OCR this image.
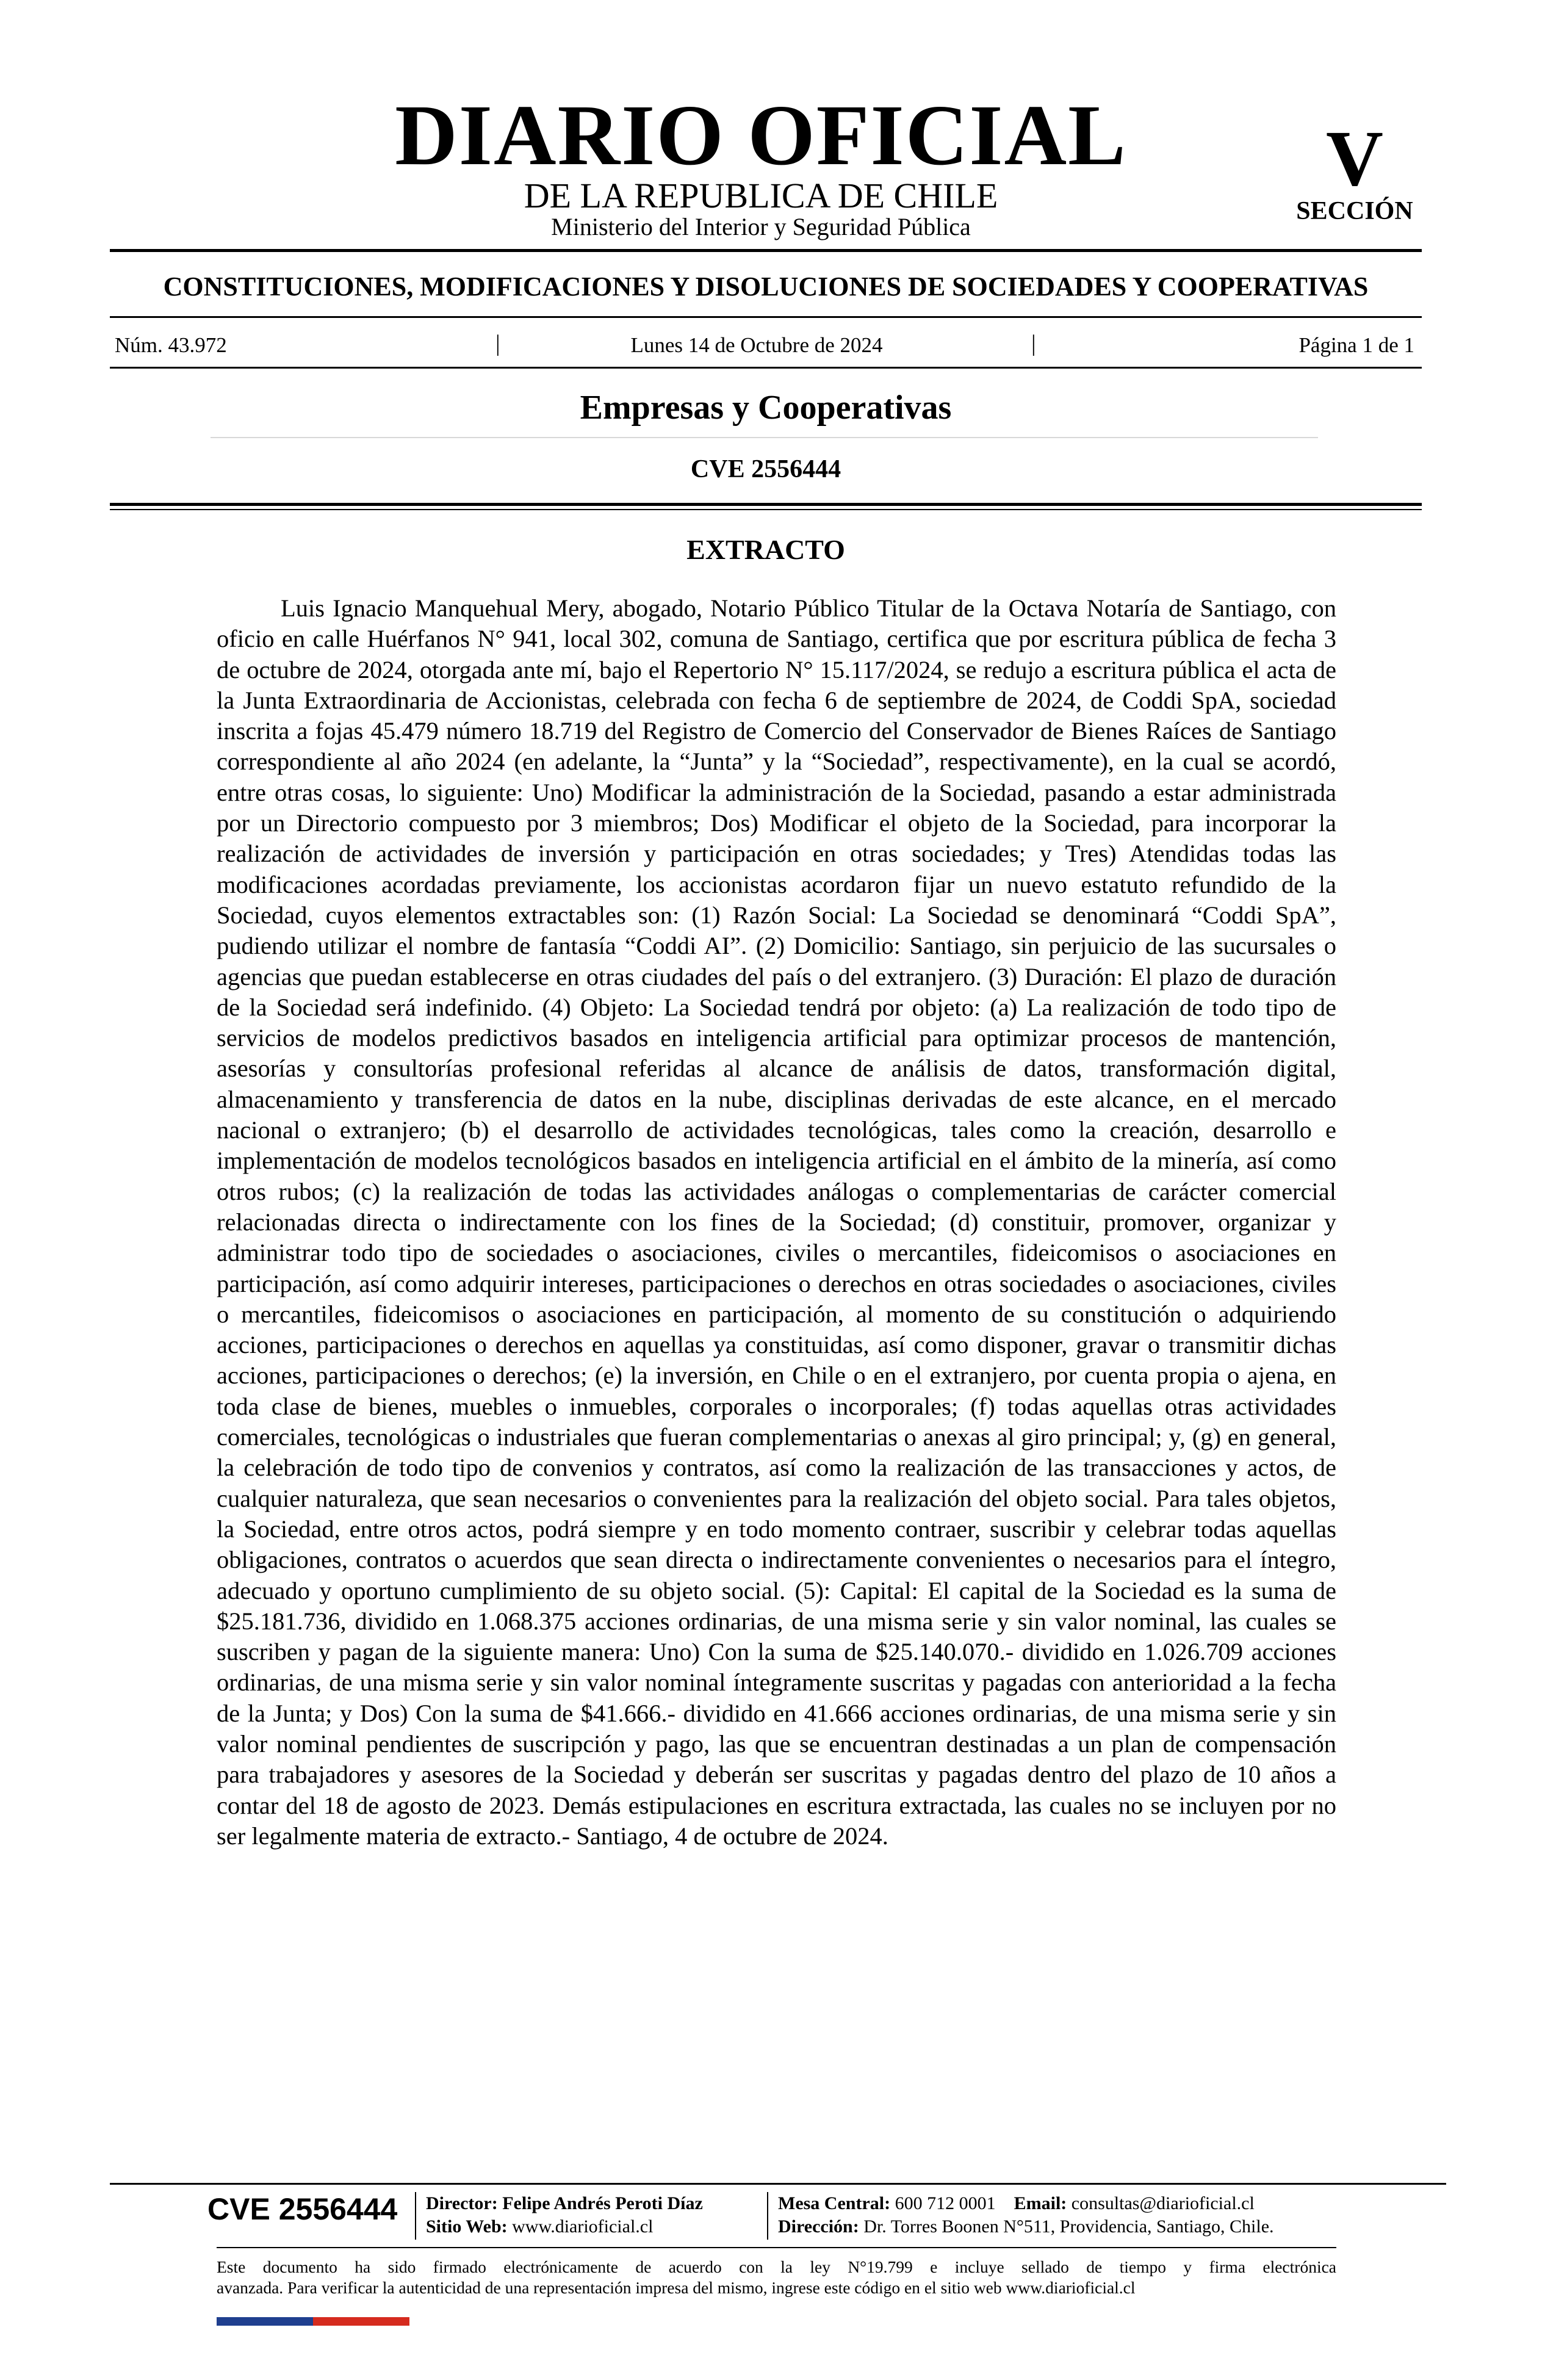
DIARIO OFICIAL
DE LA REPUBLICA DE CHILE
Ministerio del Interior y Seguridad Pública
V
SECCIÓN
CONSTITUCIONES, MODIFICACIONES Y DISOLUCIONES DE SOCIEDADES Y COOPERATIVAS
Núm. 43.972	|	Lunes 14 de Octubre de 2024	|	Página 1 de 1
Empresas y Cooperativas
CVE 2556444
EXTRACTO

Luis Ignacio Manquehual Mery, abogado, Notario Público Titular de la Octava Notaría de Santiago, con oficio en calle Huérfanos N° 941, local 302, comuna de Santiago, certifica que por escritura pública de fecha 3 de octubre de 2024, otorgada ante mí, bajo el Repertorio N° 15.117/2024, se redujo a escritura pública el acta de la Junta Extraordinaria de Accionistas, celebrada con fecha 6 de septiembre de 2024, de Coddi SpA, sociedad inscrita a fojas 45.479 número 18.719 del Registro de Comercio del Conservador de Bienes Raíces de Santiago correspondiente al año 2024 (en adelante, la “Junta” y la “Sociedad”, respectivamente), en la cual se acordó, entre otras cosas, lo siguiente: Uno) Modificar la administración de la Sociedad, pasando a estar administrada por un Directorio compuesto por 3 miembros; Dos) Modificar el objeto de la Sociedad, para incorporar la realización de actividades de inversión y participación en otras sociedades; y Tres) Atendidas todas las modificaciones acordadas previamente, los accionistas acordaron fijar un nuevo estatuto refundido de la Sociedad, cuyos elementos extractables son: (1) Razón Social: La Sociedad se denominará “Coddi SpA”, pudiendo utilizar el nombre de fantasía “Coddi AI”. (2) Domicilio: Santiago, sin perjuicio de las sucursales o agencias que puedan establecerse en otras ciudades del país o del extranjero. (3) Duración: El plazo de duración de la Sociedad será indefinido. (4) Objeto: La Sociedad tendrá por objeto: (a) La realización de todo tipo de servicios de modelos predictivos basados en inteligencia artificial para optimizar procesos de mantención, asesorías y consultorías profesional referidas al alcance de análisis de datos, transformación digital, almacenamiento y transferencia de datos en la nube, disciplinas derivadas de este alcance, en el mercado nacional o extranjero; (b) el desarrollo de actividades tecnológicas, tales como la creación, desarrollo e implementación de modelos tecnológicos basados en inteligencia artificial en el ámbito de la minería, así como otros rubos; (c) la realización de todas las actividades análogas o complementarias de carácter comercial relacionadas directa o indirectamente con los fines de la Sociedad; (d) constituir, promover, organizar y administrar todo tipo de sociedades o asociaciones, civiles o mercantiles, fideicomisos o asociaciones en participación, así como adquirir intereses, participaciones o derechos en otras sociedades o asociaciones, civiles o mercantiles, fideicomisos o asociaciones en participación, al momento de su constitución o adquiriendo acciones, participaciones o derechos en aquellas ya constituidas, así como disponer, gravar o transmitir dichas acciones, participaciones o derechos; (e) la inversión, en Chile o en el extranjero, por cuenta propia o ajena, en toda clase de bienes, muebles o inmuebles, corporales o incorporales; (f) todas aquellas otras actividades comerciales, tecnológicas o industriales que fueran complementarias o anexas al giro principal; y, (g) en general, la celebración de todo tipo de convenios y contratos, así como la realización de las transacciones y actos, de cualquier naturaleza, que sean necesarios o convenientes para la realización del objeto social. Para tales objetos, la Sociedad, entre otros actos, podrá siempre y en todo momento contraer, suscribir y celebrar todas aquellas obligaciones, contratos o acuerdos que sean directa o indirectamente convenientes o necesarios para el íntegro, adecuado y oportuno cumplimiento de su objeto social. (5): Capital: El capital de la Sociedad es la suma de $25.181.736, dividido en 1.068.375 acciones ordinarias, de una misma serie y sin valor nominal, las cuales se suscriben y pagan de la siguiente manera: Uno) Con la suma de $25.140.070.- dividido en 1.026.709 acciones ordinarias, de una misma serie y sin valor nominal íntegramente suscritas y pagadas con anterioridad a la fecha de la Junta; y Dos) Con la suma de $41.666.- dividido en 41.666 acciones ordinarias, de una misma serie y sin valor nominal pendientes de suscripción y pago, las que se encuentran destinadas a un plan de compensación para trabajadores y asesores de la Sociedad y deberán ser suscritas y pagadas dentro del plazo de 10 años a contar del 18 de agosto de 2023. Demás estipulaciones en escritura extractada, las cuales no se incluyen por no ser legalmente materia de extracto.- Santiago, 4 de octubre de 2024.

CVE 2556444 Director: Felipe Andrés Peroti Díaz
Sitio Web: www.diarioficial.cl
Mesa Central: 600 712 0001 Email: consultas@diarioficial.cl
Dirección: Dr. Torres Boonen N°511, Providencia, Santiago, Chile.
Este documento ha sido firmado electrónicamente de acuerdo con la ley N°19.799 e incluye sellado de tiempo y firma electrónica
avanzada. Para verificar la autenticidad de una representación impresa del mismo, ingrese este código en el sitio web www.diarioficial.cl
